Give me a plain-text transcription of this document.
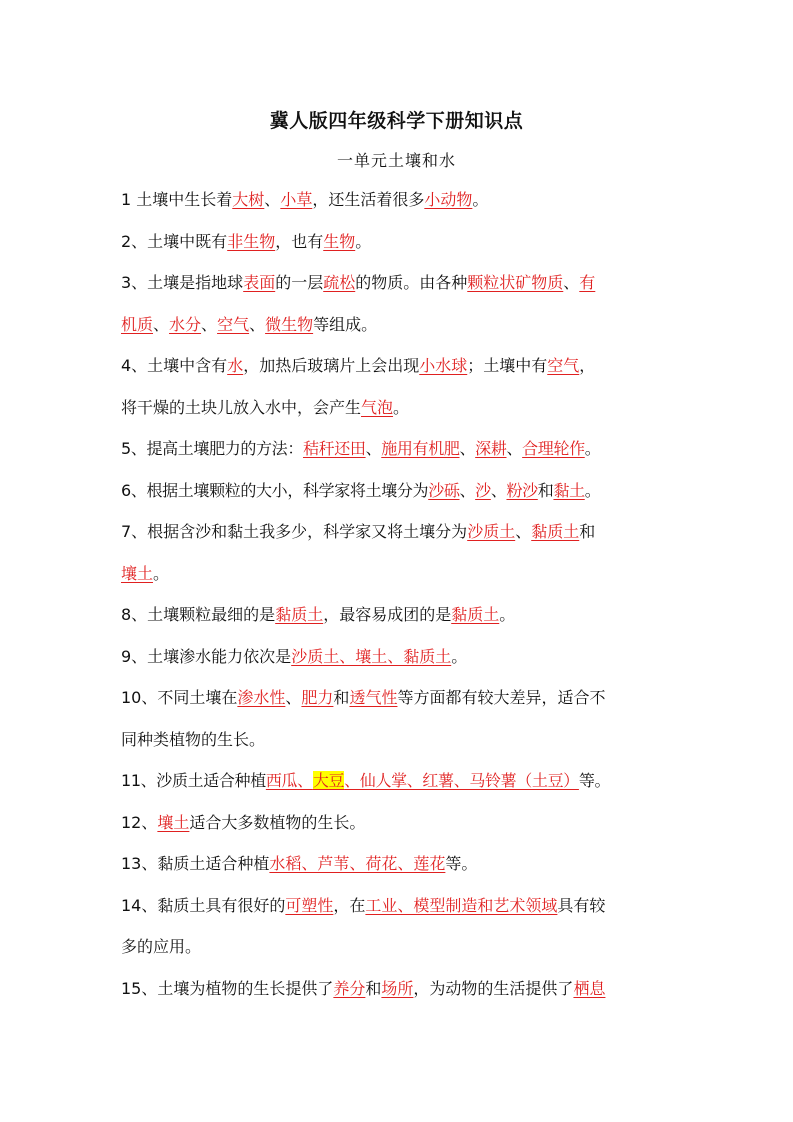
冀人版四年级科学下册知识点
一单元土壤和水
1 土壤中生长着大树、小草，还生活着很多小动物。
2、土壤中既有非生物，也有生物。
3、土壤是指地球表面的一层疏松的物质。由各种颗粒状矿物质、有
机质、水分、空气、微生物等组成。
4、土壤中含有水，加热后玻璃片上会出现小水球；土壤中有空气，
将干燥的土块儿放入水中，会产生气泡。
5、提高土壤肥力的方法：秸秆还田、施用有机肥、深耕、合理轮作。
6、根据土壤颗粒的大小，科学家将土壤分为沙砾、沙、粉沙和黏土。
7、根据含沙和黏土我多少，科学家又将土壤分为沙质土、黏质土和
壤土。
8、土壤颗粒最细的是黏质土，最容易成团的是黏质土。
9、土壤渗水能力依次是沙质土、壤土、黏质土。
10、不同土壤在渗水性、肥力和透气性等方面都有较大差异，适合不
同种类植物的生长。
11、沙质土适合种植西瓜、大豆、仙人掌、红薯、马铃薯（土豆）等。
12、壤土适合大多数植物的生长。
13、黏质土适合种植水稻、芦苇、荷花、莲花等。
14、黏质土具有很好的可塑性，在工业、模型制造和艺术领域具有较
多的应用。
15、土壤为植物的生长提供了养分和场所，为动物的生活提供了栖息
